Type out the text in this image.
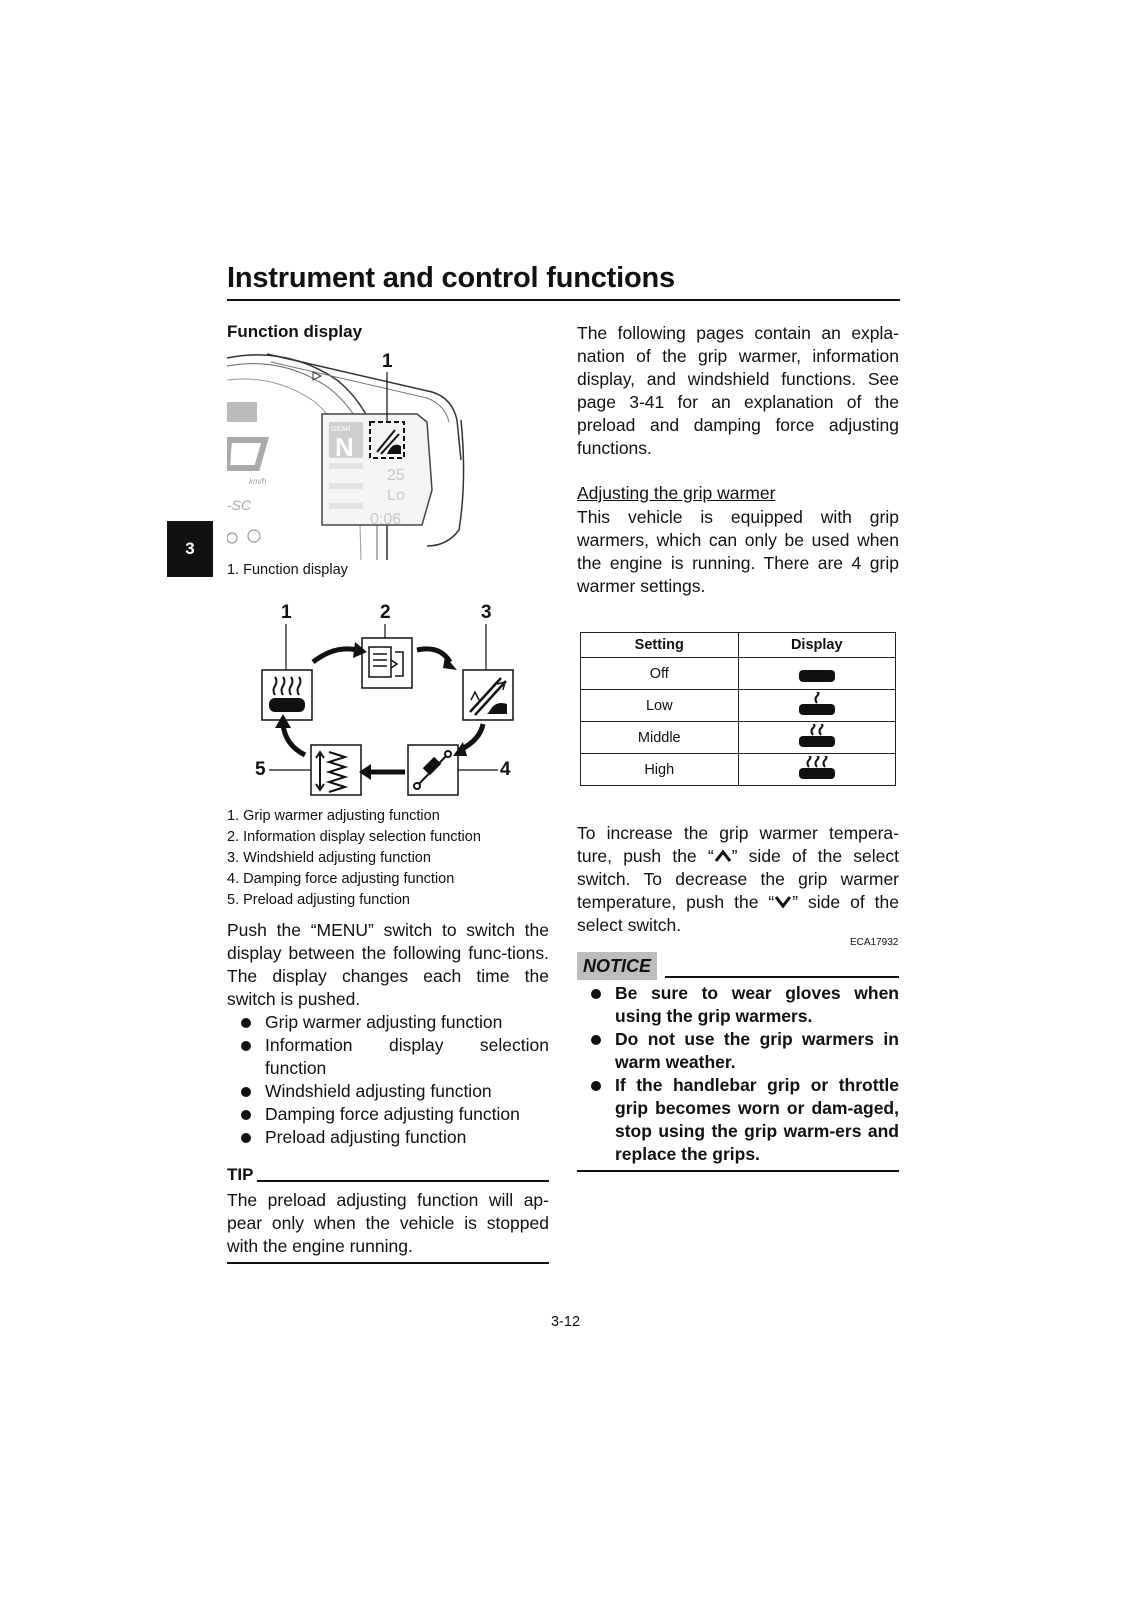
Instrument and control functions
3
Function display
km/h
-SC
GEAR
N
25
Lo
0:06
1
1. Function display
1	2	3
4
5
1. Grip warmer adjusting function
2. Information display selection function
3. Windshield adjusting function
4. Damping force adjusting function
5. Preload adjusting function
Push the “MENU” switch to switch the display between the following func-tions. The display changes each time the switch is pushed.
Grip warmer adjusting function
Information display selection function
Windshield adjusting function
Damping force adjusting function
Preload adjusting function
TIP
The preload adjusting function will ap-pear only when the vehicle is stopped with the engine running.
The following pages contain an expla-nation of the grip warmer, information display, and windshield functions. See page 3-41 for an explanation of the preload and damping force adjusting functions.
Adjusting the grip warmer
This vehicle is equipped with grip warmers, which can only be used when the engine is running. There are 4 grip warmer settings.
Setting	Display
Off	
Low	
Middle	
High	
To increase the grip warmer tempera-ture, push the “ ” side of the select switch. To decrease the grip warmer temperature, push the “ ” side of the select switch.
ECA17932
NOTICE
Be sure to wear gloves when using the grip warmers.
Do not use the grip warmers in warm weather.
If the handlebar grip or throttle grip becomes worn or dam-aged, stop using the grip warm-ers and replace the grips.
3-12
